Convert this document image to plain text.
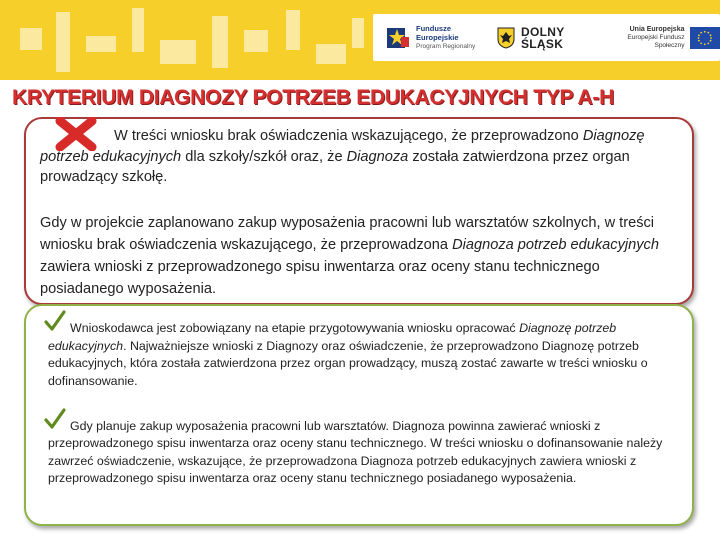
Fundusze
Europejskie
Program Regionalny
DOLNY
ŚLĄSK
Unia Europejska
Europejski Fundusz Społeczny
KRYTERIUM DIAGNOZY POTRZEB EDUKACYJNYCH TYP A-H

W treści wniosku brak oświadczenia wskazującego, że przeprowadzono Diagnozę potrzeb edukacyjnych dla szkoły/szkół oraz, że Diagnoza została zatwierdzona przez organ prowadzący szkołę.

Gdy w projekcie zaplanowano zakup wyposażenia pracowni lub warsztatów szkolnych, w treści wniosku brak oświadczenia wskazującego, że przeprowadzona Diagnoza potrzeb edukacyjnych zawiera wnioski z przeprowadzonego spisu inwentarza oraz oceny stanu technicznego posiadanego wyposażenia.

Wnioskodawca jest zobowiązany na etapie przygotowywania wniosku opracować Diagnozę potrzeb edukacyjnych. Najważniejsze wnioski z Diagnozy oraz oświadczenie, że przeprowadzono Diagnozę potrzeb edukacyjnych, która została zatwierdzona przez organ prowadzący, muszą zostać zawarte w treści wniosku o dofinansowanie.

Gdy planuje zakup wyposażenia pracowni lub warsztatów. Diagnoza powinna zawierać wnioski z przeprowadzonego spisu inwentarza oraz oceny stanu technicznego. W treści wniosku o dofinansowanie należy zawrzeć oświadczenie, wskazujące, że przeprowadzona Diagnoza potrzeb edukacyjnych zawiera wnioski z przeprowadzonego spisu inwentarza oraz oceny stanu technicznego posiadanego wyposażenia.
